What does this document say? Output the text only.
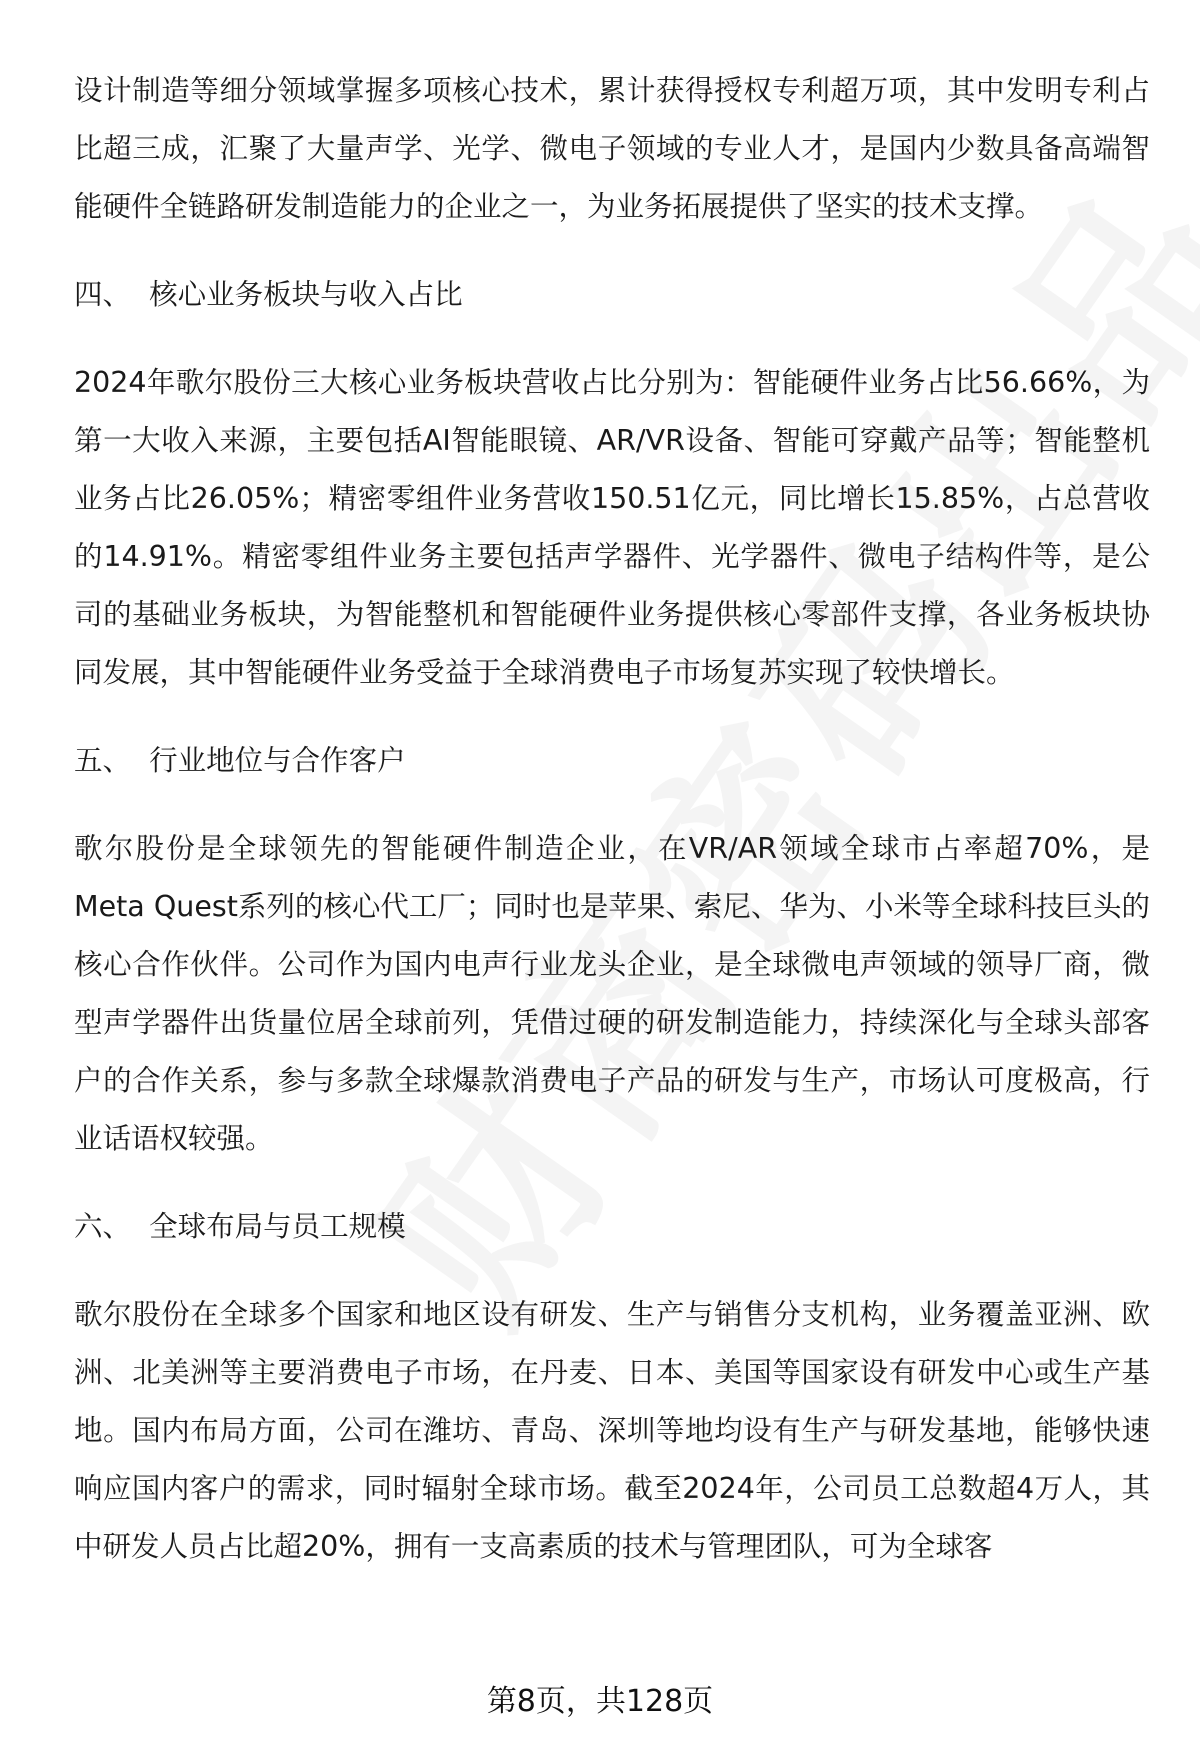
设计制造等细分领域掌握多项核心技术，累计获得授权专利超万项，其中发明专利占比超三成，汇聚了大量声学、光学、微电子领域的专业人才，是国内少数具备高端智能硬件全链路研发制造能力的企业之一，为业务拓展提供了坚实的技术支撑。

四、  核心业务板块与收入占比

2024年歌尔股份三大核心业务板块营收占比分别为：智能硬件业务占比56.66%，为第一大收入来源，主要包括AI智能眼镜、AR/VR设备、智能可穿戴产品等；智能整机业务占比26.05%；精密零组件业务营收150.51亿元，同比增长15.85%，占总营收的14.91%。精密零组件业务主要包括声学器件、光学器件、微电子结构件等，是公司的基础业务板块，为智能整机和智能硬件业务提供核心零部件支撑，各业务板块协同发展，其中智能硬件业务受益于全球消费电子市场复苏实现了较快增长。

五、  行业地位与合作客户

歌尔股份是全球领先的智能硬件制造企业，在VR/AR领域全球市占率超70%，是Meta Quest系列的核心代工厂；同时也是苹果、索尼、华为、小米等全球科技巨头的核心合作伙伴。公司作为国内电声行业龙头企业，是全球微电声领域的领导厂商，微型声学器件出货量位居全球前列，凭借过硬的研发制造能力，持续深化与全球头部客户的合作关系，参与多款全球爆款消费电子产品的研发与生产，市场认可度极高，行业话语权较强。

六、  全球布局与员工规模

歌尔股份在全球多个国家和地区设有研发、生产与销售分支机构，业务覆盖亚洲、欧洲、北美洲等主要消费电子市场，在丹麦、日本、美国等国家设有研发中心或生产基地。国内布局方面，公司在潍坊、青岛、深圳等地均设有生产与研发基地，能够快速响应国内客户的需求，同时辐射全球市场。截至2024年，公司员工总数超4万人，其中研发人员占比超20%，拥有一支高素质的技术与管理团队，可为全球客

第8页，共128页
